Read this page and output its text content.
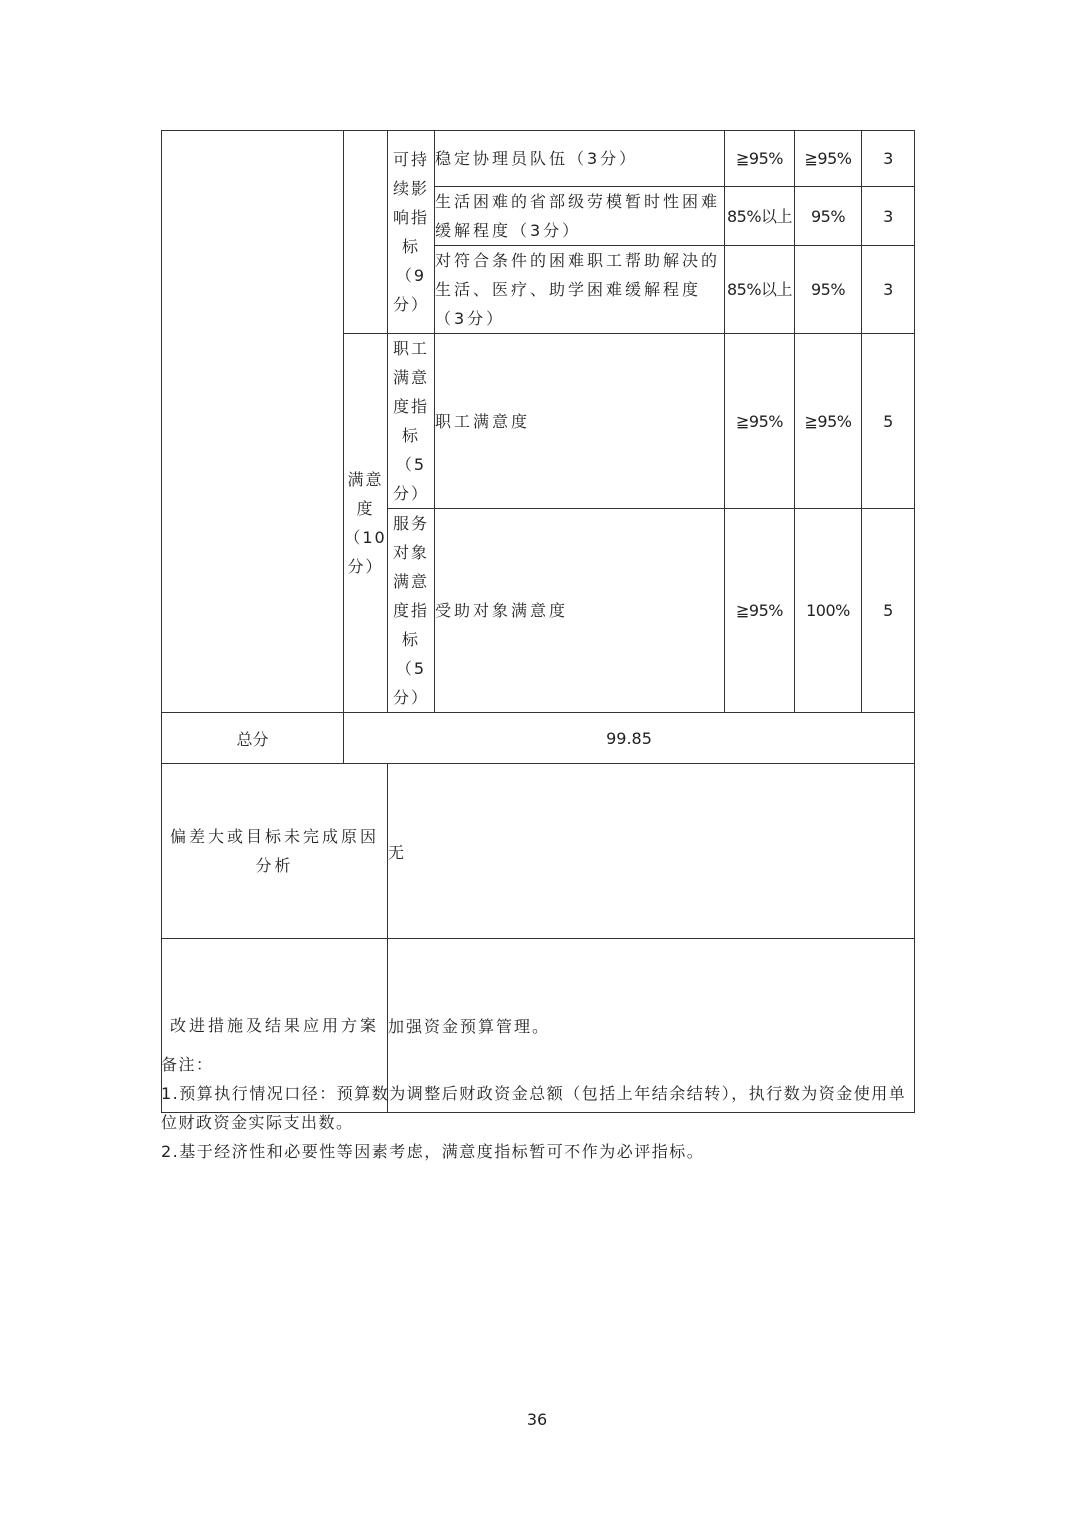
		可持续影响指标（9分）	稳定协理员队伍（3分）	≧95%	≧95%	3
			生活困难的省部级劳模暂时性困难缓解程度（3分）	85%以上	95%	3
			对符合条件的困难职工帮助解决的生活、医疗、助学困难缓解程度（3分）	85%以上	95%	3
	满意度（10分）	职工满意度指标（5分）	职工满意度	≧95%	≧95%	5
		服务对象满意度指标（5分）	受助对象满意度	≧95%	100%	5
总分	99.85					
偏差大或目标未完成原因分析		无				
改进措施及结果应用方案		加强资金预算管理。				
备注：
1.预算执行情况口径：预算数为调整后财政资金总额（包括上年结余结转），执行数为资金使用单位财政资金实际支出数。
2.基于经济性和必要性等因素考虑，满意度指标暂可不作为必评指标。
36
